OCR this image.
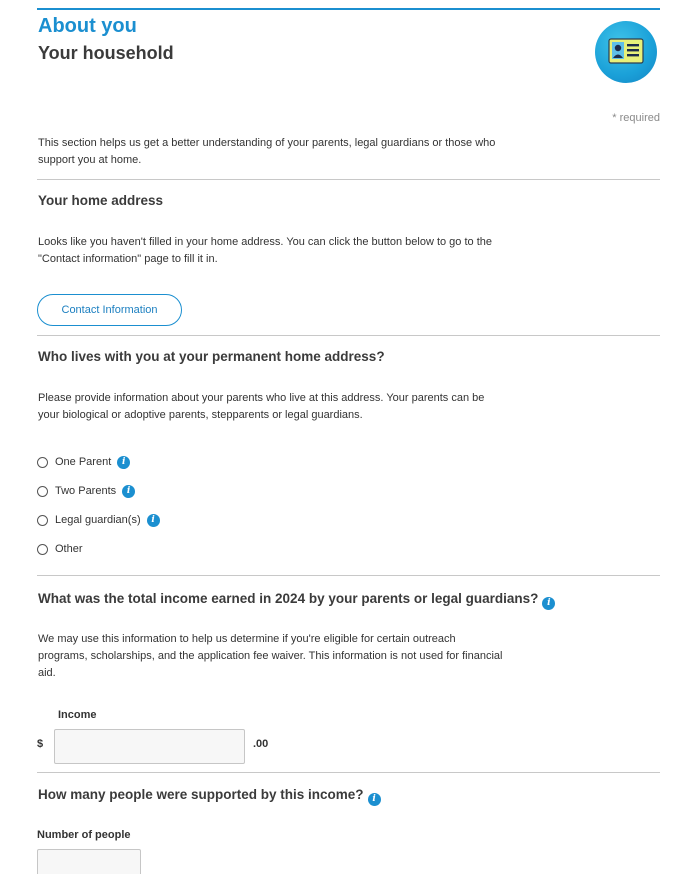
About you
Your household
* required

This section helps us get a better understanding of your parents, legal guardians or those who support you at home.

Your home address

Looks like you haven't filled in your home address. You can click the button below to go to the "Contact information" page to fill it in.

Contact Information
Who lives with you at your permanent home address?

Please provide information about your parents who live at this address. Your parents can be your biological or adoptive parents, stepparents or legal guardians.

One Parent	i
Two Parents	i
Legal guardian(s)	i
Other
What was the total income earned in 2024 by your parents or legal guardians? i

We may use this information to help us determine if you're eligible for certain outreach programs, scholarships, and the application fee waiver. This information is not used for financial aid.

Income
$	.00
How many people were supported by this income? i
Number of people
